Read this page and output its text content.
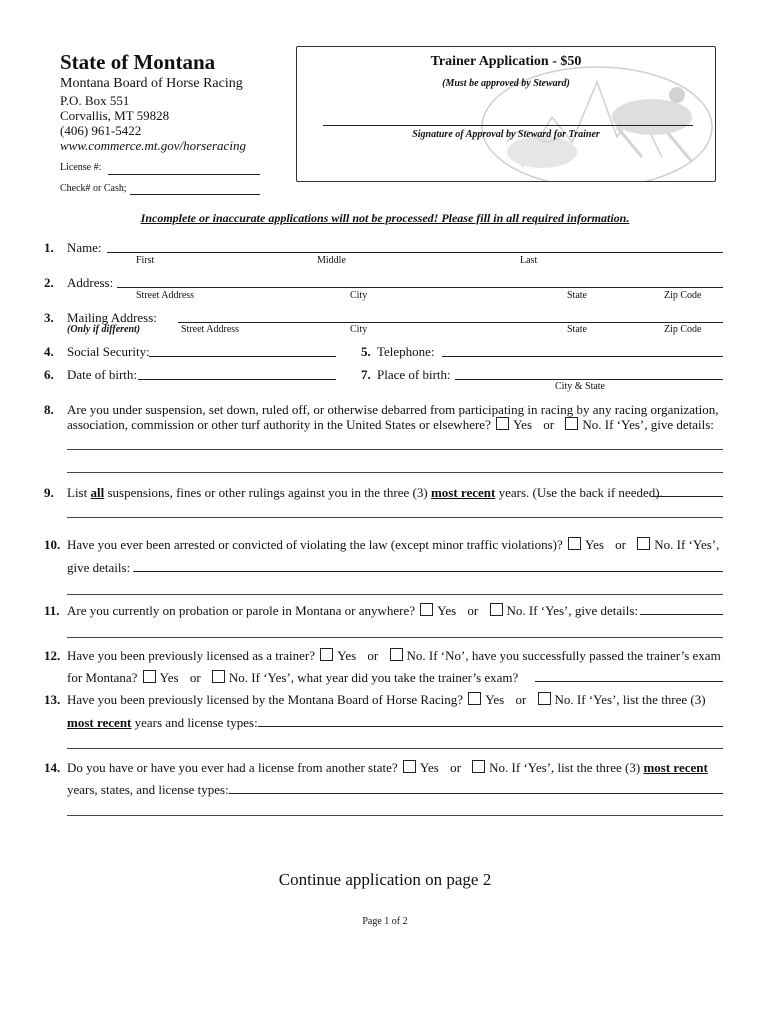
State of Montana
Montana Board of Horse Racing
P.O. Box 551
Corvallis, MT 59828
(406) 961-5422
www.commerce.mt.gov/horseracing
License #:
Check# or Cash;
Trainer Application - $50
(Must be approved by Steward)
Signature of Approval by Steward for Trainer
Incomplete or inaccurate applications will not be processed! Please fill in all required information.
1. Name:
First	Middle	Last
2. Address:
Street Address	City	State	Zip Code
3. Mailing Address:
(Only if different)	Street Address	City	State	Zip Code
4. Social Security:	5. Telephone:
6. Date of birth:	7. Place of birth:
City & State
8. Are you under suspension, set down, ruled off, or otherwise debarred from participating in racing by any racing organization,
association, commission or other turf authority in the United States or elsewhere? Yes or No. If ‘Yes’, give details:
9. List all suspensions, fines or other rulings against you in the three (3) most recent years. (Use the back if needed).
10. Have you ever been arrested or convicted of violating the law (except minor traffic violations)? Yes or No. If ‘Yes’,
give details:
11. Are you currently on probation or parole in Montana or anywhere? Yes or No. If ‘Yes’, give details:
12. Have you been previously licensed as a trainer? Yes or No. If ‘No’, have you successfully passed the trainer’s exam
for Montana? Yes or No. If ‘Yes’, what year did you take the trainer’s exam?
13. Have you been previously licensed by the Montana Board of Horse Racing? Yes or No. If ‘Yes’, list the three (3)
most recent years and license types:
14. Do you have or have you ever had a license from another state? Yes or No. If ‘Yes’, list the three (3) most recent
years, states, and license types:
Continue application on page 2
Page 1 of 2
